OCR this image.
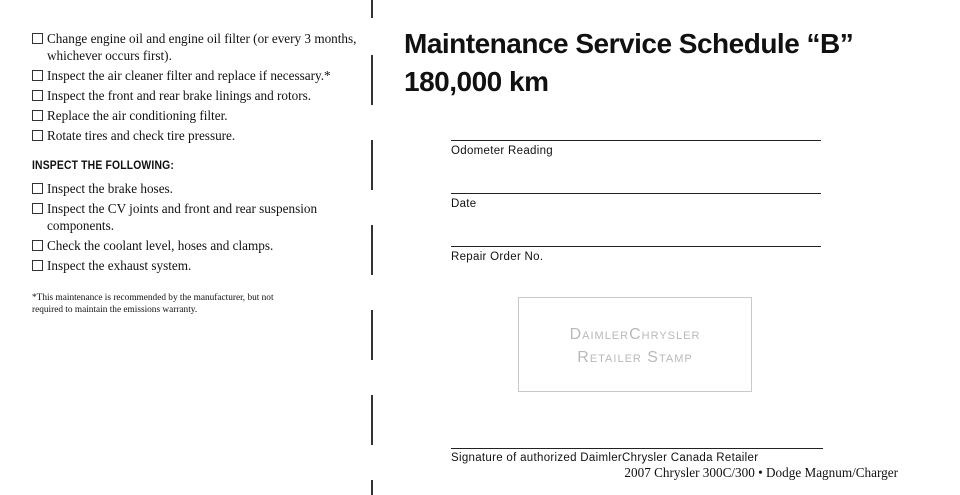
Change engine oil and engine oil filter (or every 3 months, whichever occurs first).
Inspect the air cleaner filter and replace if necessary.*
Inspect the front and rear brake linings and rotors.
Replace the air conditioning filter.
Rotate tires and check tire pressure.
INSPECT THE FOLLOWING:
Inspect the brake hoses.
Inspect the CV joints and front and rear suspension components.
Check the coolant level, hoses and clamps.
Inspect the exhaust system.
*This maintenance is recommended by the manufacturer, but not required to maintain the emissions warranty.
Maintenance Service Schedule “B”
180,000 km
Odometer Reading
Date
Repair Order No.
DaimlerChrysler
Retailer Stamp
Signature of authorized DaimlerChrysler Canada Retailer
2007 Chrysler 300C/300 • Dodge Magnum/Charger
